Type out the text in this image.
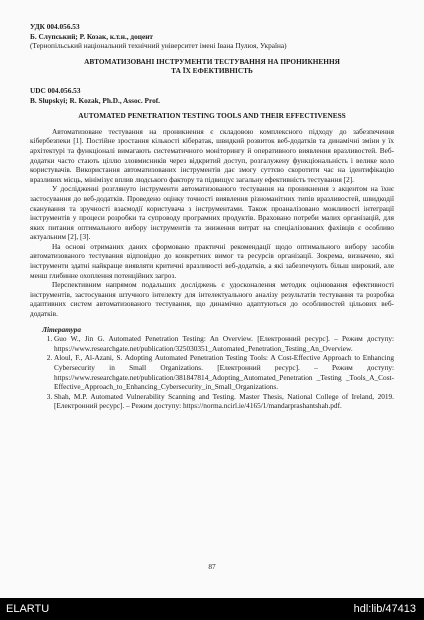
УДК 004.056.53

Б. Слупський; Р. Козак, к.т.н., доцент

(Тернопільський національний технічний університет імені Івана Пулюя, Україна)

АВТОМАТИЗОВАНІ ІНСТРУМЕНТИ ТЕСТУВАННЯ НА ПРОНИКНЕННЯ

ТА ЇХ ЕФЕКТИВНІСТЬ

UDC 004.056.53

B. Slupskyi; R. Kozak, Ph.D., Assoc. Prof.

AUTOMATED PENETRATION TESTING TOOLS AND THEIR EFFECTIVENESS

Автоматизоване тестування на проникнення є складовою комплексного підходу до забезпечення кібербезпеки [1]. Постійне зростання кількості кібератак, швидкий розвиток веб-додатків та динамічні зміни у їх архітектурі та функціоналі вимагають систематичного моніторингу й оперативного виявлення вразливостей. Веб-додатки часто стають ціллю зловмисників через відкритий доступ, розгалужену функціональність і велике коло користувачів. Використання автоматизованих інструментів дає змогу суттєво скоротити час на ідентифікацію вразливих місць, мінімізує вплив людського фактору та підвищує загальну ефективність тестування [2].

У дослідженні розглянуто інструменти автоматизованого тестування на проникнення з акцентом на їхнє застосування до веб-додатків. Проведено оцінку точності виявлення різноманітних типів вразливостей, швидкодії сканування та зручності взаємодії користувача з інструментами. Також проаналізовано можливості інтеграції інструментів у процеси розробки та супроводу програмних продуктів. Враховано потреби малих організацій, для яких питання оптимального вибору інструментів та зниження витрат на спеціалізованих фахівців є особливо актуальним [2], [3].

На основі отриманих даних сформовано практичні рекомендації щодо оптимального вибору засобів автоматизованого тестування відповідно до конкретних вимог та ресурсів організації. Зокрема, визначено, які інструменти здатні найкраще виявляти критичні вразливості веб-додатків, а які забезпечують більш широкий, але менш глибинне охоплення потенційних загроз.

Перспективним напрямом подальших досліджень є удосконалення методик оцінювання ефективності інструментів, застосування штучного інтелекту для інтелектуального аналізу результатів тестування та розробка адаптивних систем автоматизованого тестування, що динамічно адаптуються до особливостей цільових веб-додатків.

Література

1. Guo W., Jin G. Automated Penetration Testing: An Overview. [Електронний ресурс]. – Режим доступу: https://www.researchgate.net/publication/325030351_Automated_Penetration_Testing_An_Overview.
2. Aloul, F., Al-Azani, S. Adopting Automated Penetration Testing Tools: A Cost-Effective Approach to Enhancing Cybersecurity in Small Organizations. [Електронний ресурс]. – Режим доступу: https://www.researchgate.net/publication/381847814_Adopting_Automated_Penetration _Testing _Tools_A_Cost-Effective_Approach_to_Enhancing_Cybersecurity_in_Small_Organizations.
3. Shah, M.P. Automated Vulnerability Scanning and Testing. Master Thesis, National College of Ireland, 2019. [Електронний ресурс]. – Режим доступу: https://norma.ncirl.ie/4165/1/mandarprashantshah.pdf.
87
ELARTU	hdl:lib/47413
